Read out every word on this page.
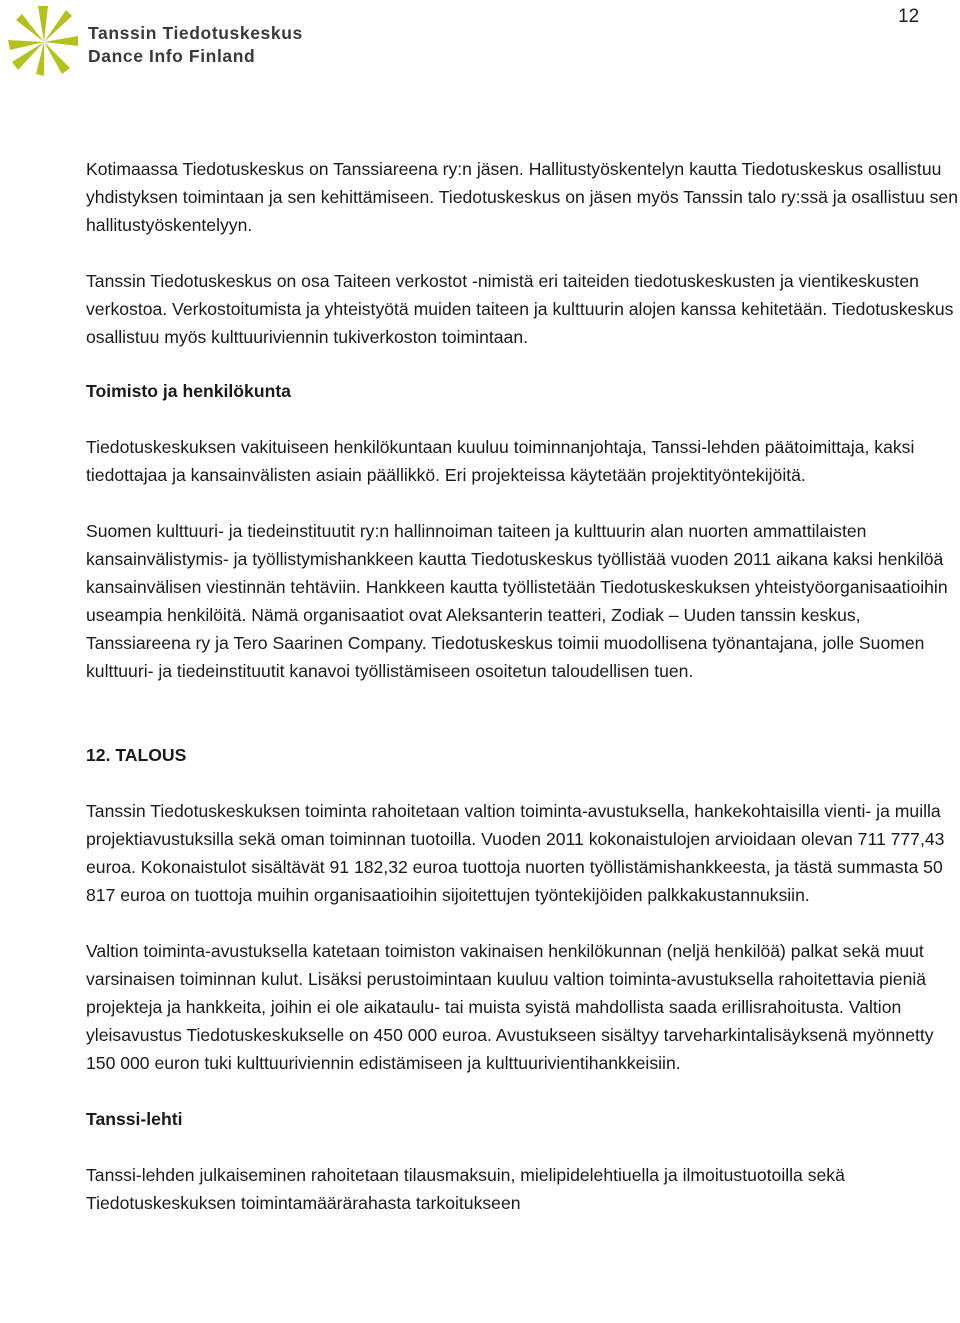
12
Tanssin Tiedotuskeskus
Dance Info Finland

Kotimaassa Tiedotuskeskus on Tanssiareena ry:n jäsen. Hallitustyöskentelyn kautta Tiedotuskeskus osallistuu yhdistyksen toimintaan ja sen kehittämiseen. Tiedotuskeskus on jäsen myös Tanssin talo ry:ssä ja osallistuu sen hallitustyöskentelyyn.

Tanssin Tiedotuskeskus on osa Taiteen verkostot -nimistä eri taiteiden tiedotuskeskusten ja vientikeskusten verkostoa. Verkostoitumista ja yhteistyötä muiden taiteen ja kulttuurin alojen kanssa kehitetään. Tiedotuskeskus osallistuu myös kulttuuriviennin tukiverkoston toimintaan.

Toimisto ja henkilökunta

Tiedotuskeskuksen vakituiseen henkilökuntaan kuuluu toiminnanjohtaja, Tanssi-lehden päätoimittaja, kaksi tiedottajaa ja kansainvälisten asiain päällikkö. Eri projekteissa käytetään projektityöntekijöitä.

Suomen kulttuuri- ja tiedeinstituutit ry:n hallinnoiman taiteen ja kulttuurin alan nuorten ammattilaisten kansainvälistymis- ja työllistymishankkeen kautta Tiedotuskeskus työllistää vuoden 2011 aikana kaksi henkilöä kansainvälisen viestinnän tehtäviin. Hankkeen kautta työllistetään Tiedotuskeskuksen yhteistyöorganisaatioihin useampia henkilöitä. Nämä organisaatiot ovat Aleksanterin teatteri, Zodiak – Uuden tanssin keskus, Tanssiareena ry ja Tero Saarinen Company. Tiedotuskeskus toimii muodollisena työnantajana, jolle Suomen kulttuuri- ja tiedeinstituutit kanavoi työllistämiseen osoitetun taloudellisen tuen.

12. TALOUS

Tanssin Tiedotuskeskuksen toiminta rahoitetaan valtion toiminta-avustuksella, hankekohtaisilla vienti- ja muilla projektiavustuksilla sekä oman toiminnan tuotoilla. Vuoden 2011 kokonaistulojen arvioidaan olevan 711 777,43 euroa. Kokonaistulot sisältävät 91 182,32 euroa tuottoja nuorten työllistämishankkeesta, ja tästä summasta 50 817 euroa on tuottoja muihin organisaatioihin sijoitettujen työntekijöiden palkkakustannuksiin.

Valtion toiminta-avustuksella katetaan toimiston vakinaisen henkilökunnan (neljä henkilöä) palkat sekä muut varsinaisen toiminnan kulut. Lisäksi perustoimintaan kuuluu valtion toiminta-avustuksella rahoitettavia pieniä projekteja ja hankkeita, joihin ei ole aikataulu- tai muista syistä mahdollista saada erillisrahoitusta. Valtion yleisavustus Tiedotuskeskukselle on 450 000 euroa. Avustukseen sisältyy tarveharkintalisäyksenä myönnetty 150 000 euron tuki kulttuuriviennin edistämiseen ja kulttuurivientihankkeisiin.

Tanssi-lehti

Tanssi-lehden julkaiseminen rahoitetaan tilausmaksuin, mielipidelehtiuella ja ilmoitustuotoilla sekä Tiedotuskeskuksen toimintamäärärahasta tarkoitukseen
